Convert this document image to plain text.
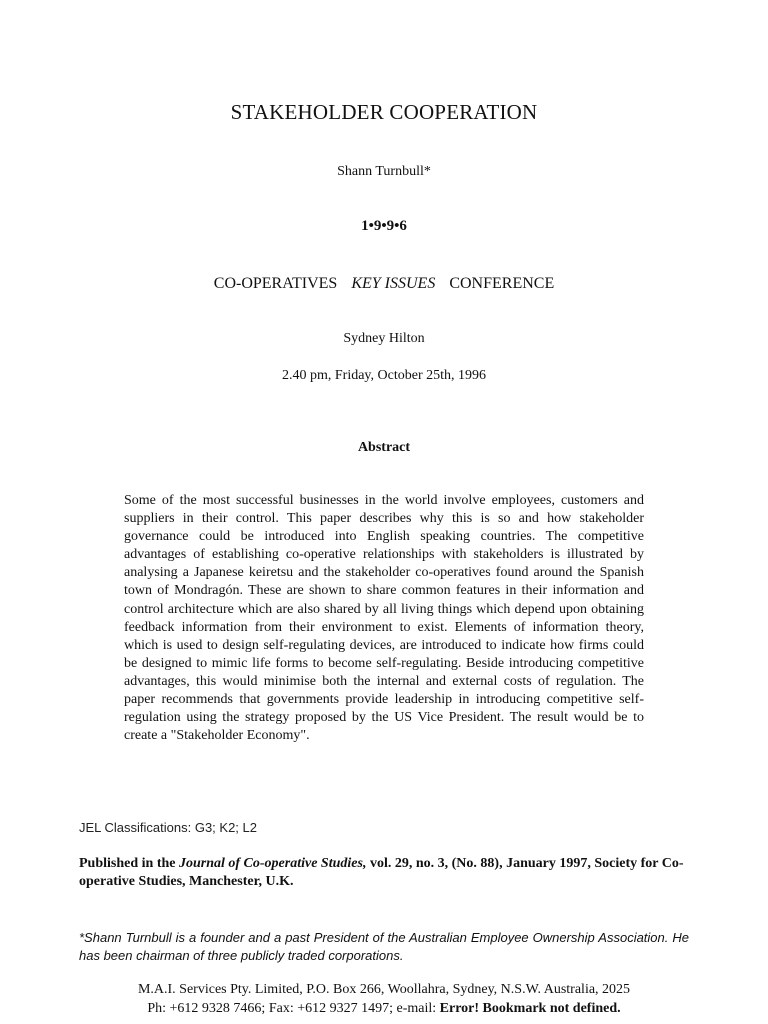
STAKEHOLDER COOPERATION
Shann Turnbull*
1•9•9•6
CO-OPERATIVES KEY ISSUES CONFERENCE
Sydney Hilton
2.40 pm, Friday, October 25th, 1996
Abstract

Some of the most successful businesses in the world involve employees, customers and suppliers in their control. This paper describes why this is so and how stakeholder governance could be introduced into English speaking countries. The competitive advantages of establishing co-operative relationships with stakeholders is illustrated by analysing a Japanese keiretsu and the stakeholder co-operatives found around the Spanish town of Mondragón. These are shown to share common features in their information and control architecture which are also shared by all living things which depend upon obtaining feedback information from their environment to exist. Elements of information theory, which is used to design self-regulating devices, are introduced to indicate how firms could be designed to mimic life forms to become self-regulating. Beside introducing competitive advantages, this would minimise both the internal and external costs of regulation. The paper recommends that governments provide leadership in introducing competitive self-regulation using the strategy proposed by the US Vice President. The result would be to create a "Stakeholder Economy".

JEL Classifications: G3; K2; L2

Published in the Journal of Co-operative Studies, vol. 29, no. 3, (No. 88), January 1997, Society for Co-operative Studies, Manchester, U.K.

*Shann Turnbull is a founder and a past President of the Australian Employee Ownership Association. He has been chairman of three publicly traded corporations.

M.A.I. Services Pty. Limited, P.O. Box 266, Woollahra, Sydney, N.S.W. Australia, 2025
Ph: +612 9328 7466; Fax: +612 9327 1497; e-mail: Error! Bookmark not defined.
